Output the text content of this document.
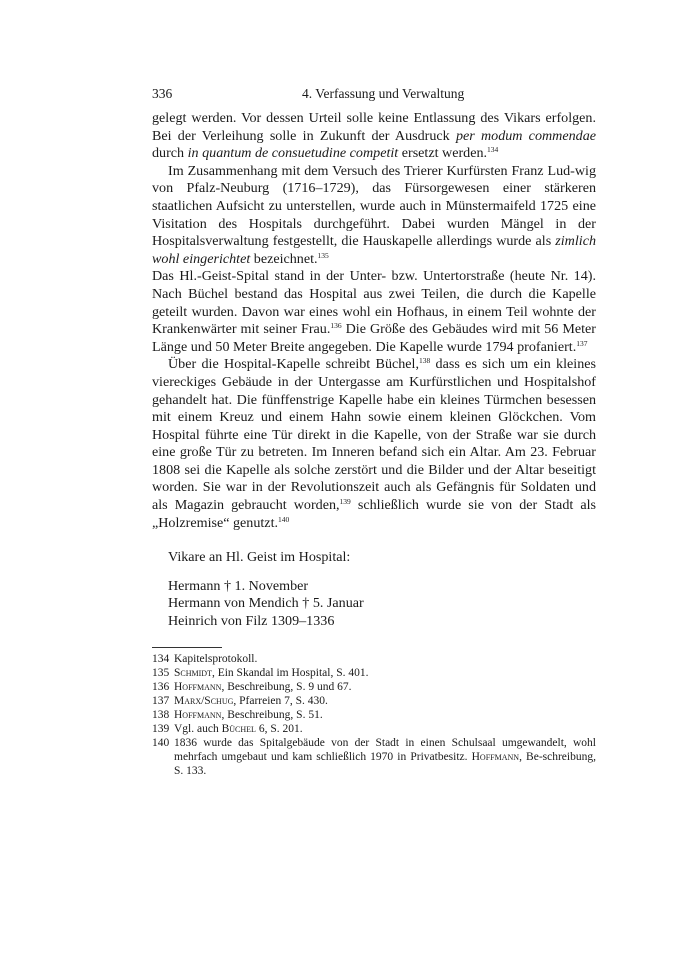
336	4. Verfassung und Verwaltung

gelegt werden. Vor dessen Urteil solle keine Entlassung des Vikars erfolgen. Bei der Verleihung solle in Zukunft der Ausdruck per modum commendae durch in quantum de consuetudine competit ersetzt werden.$^{134}$

Im Zusammenhang mit dem Versuch des Trierer Kurfürsten Franz Lud-wig von Pfalz-Neuburg (1716–1729), das Fürsorgewesen einer stärkeren staatlichen Aufsicht zu unterstellen, wurde auch in Münstermaifeld 1725 eine Visitation des Hospitals durchgeführt. Dabei wurden Mängel in der Hospitalsverwaltung festgestellt, die Hauskapelle allerdings wurde als zimlich wohl eingerichtet bezeichnet.$^{135}$

Das Hl.-Geist-Spital stand in der Unter- bzw. Untertorstraße (heute Nr. 14). Nach Büchel bestand das Hospital aus zwei Teilen, die durch die Kapelle geteilt wurden. Davon war eines wohl ein Hofhaus, in einem Teil wohnte der Krankenwärter mit seiner Frau.$^{136}$ Die Größe des Gebäudes wird mit 56 Meter Länge und 50 Meter Breite angegeben. Die Kapelle wurde 1794 profaniert.$^{137}$

Über die Hospital-Kapelle schreibt Büchel,$^{138}$ dass es sich um ein kleines viereckiges Gebäude in der Untergasse am Kurfürstlichen und Hospitalshof gehandelt hat. Die fünffenstrige Kapelle habe ein kleines Türmchen besessen mit einem Kreuz und einem Hahn sowie einem kleinen Glöckchen. Vom Hospital führte eine Tür direkt in die Kapelle, von der Straße war sie durch eine große Tür zu betreten. Im Inneren befand sich ein Altar. Am 23. Februar 1808 sei die Kapelle als solche zerstört und die Bilder und der Altar beseitigt worden. Sie war in der Revolutionszeit auch als Gefängnis für Soldaten und als Magazin gebraucht worden,$^{139}$ schließlich wurde sie von der Stadt als „Holzremise“ genutzt.$^{140}$

Vikare an Hl. Geist im Hospital:
Hermann † 1. November
Hermann von Mendich † 5. Januar
Heinrich von Filz 1309–1336
134 Kapitelsprotokoll.
135 Schmidt, Ein Skandal im Hospital, S. 401.
136 Hoffmann, Beschreibung, S. 9 und 67.
137 Marx/Schug, Pfarreien 7, S. 430.
138 Hoffmann, Beschreibung, S. 51.
139 Vgl. auch Büchel 6, S. 201.
140 1836 wurde das Spitalgebäude von der Stadt in einen Schulsaal umgewandelt, wohl mehrfach umgebaut und kam schließlich 1970 in Privatbesitz. Hoffmann, Be-schreibung, S. 133.
